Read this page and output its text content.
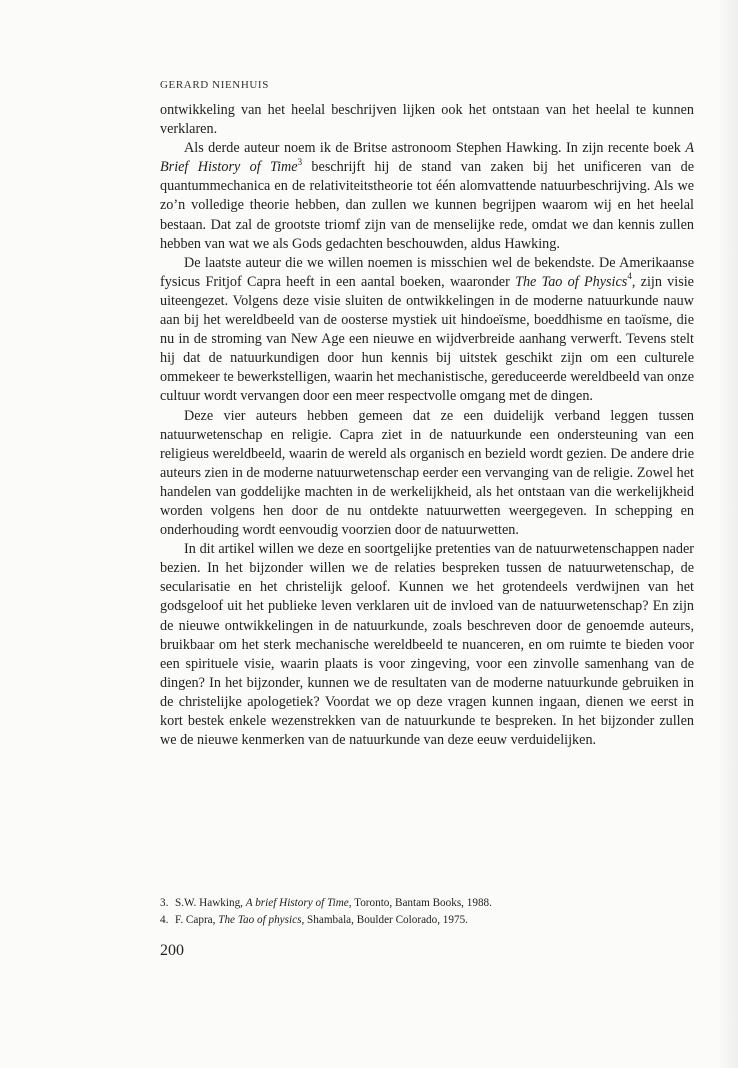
GERARD NIENHUIS

ontwikkeling van het heelal beschrijven lijken ook het ontstaan van het heelal te kunnen verklaren.

Als derde auteur noem ik de Britse astronoom Stephen Hawking. In zijn recente boek A Brief History of Time$^3$ beschrijft hij de stand van zaken bij het unificeren van de quantummechanica en de relativiteitstheorie tot één alomvattende natuurbeschrijving. Als we zo’n volledige theorie hebben, dan zullen we kunnen begrijpen waarom wij en het heelal bestaan. Dat zal de grootste triomf zijn van de menselijke rede, omdat we dan kennis zullen hebben van wat we als Gods gedachten beschouwden, aldus Hawking.

De laatste auteur die we willen noemen is misschien wel de bekendste. De Amerikaanse fysicus Fritjof Capra heeft in een aantal boeken, waaronder The Tao of Physics$^4$, zijn visie uiteengezet. Volgens deze visie sluiten de ontwikkelingen in de moderne natuurkunde nauw aan bij het wereldbeeld van de oosterse mystiek uit hindoeïsme, boeddhisme en taoïsme, die nu in de stroming van New Age een nieuwe en wijdverbreide aanhang verwerft. Tevens stelt hij dat de natuurkundigen door hun kennis bij uitstek geschikt zijn om een culturele ommekeer te bewerkstelligen, waarin het mechanistische, gereduceerde wereldbeeld van onze cultuur wordt vervangen door een meer respectvolle omgang met de dingen.

Deze vier auteurs hebben gemeen dat ze een duidelijk verband leggen tussen natuurwetenschap en religie. Capra ziet in de natuurkunde een ondersteuning van een religieus wereldbeeld, waarin de wereld als organisch en bezield wordt gezien. De andere drie auteurs zien in de moderne natuurwetenschap eerder een vervanging van de religie. Zowel het handelen van goddelijke machten in de werkelijkheid, als het ontstaan van die werkelijkheid worden volgens hen door de nu ontdekte natuurwetten weergegeven. In schepping en onderhouding wordt eenvoudig voorzien door de natuurwetten.

In dit artikel willen we deze en soortgelijke pretenties van de natuurwetenschappen nader bezien. In het bijzonder willen we de relaties bespreken tussen de natuurwetenschap, de secularisatie en het christelijk geloof. Kunnen we het grotendeels verdwijnen van het godsgeloof uit het publieke leven verklaren uit de invloed van de natuurwetenschap? En zijn de nieuwe ontwikkelingen in de natuurkunde, zoals beschreven door de genoemde auteurs, bruikbaar om het sterk mechanische wereldbeeld te nuanceren, en om ruimte te bieden voor een spirituele visie, waarin plaats is voor zingeving, voor een zinvolle samenhang van de dingen? In het bijzonder, kunnen we de resultaten van de moderne natuurkunde gebruiken in de christelijke apologetiek? Voordat we op deze vragen kunnen ingaan, dienen we eerst in kort bestek enkele wezenstrekken van de natuurkunde te bespreken. In het bijzonder zullen we de nieuwe kenmerken van de natuurkunde van deze eeuw verduidelijken.

3. S.W. Hawking, A brief History of Time, Toronto, Bantam Books, 1988.

4. F. Capra, The Tao of physics, Shambala, Boulder Colorado, 1975.

200
